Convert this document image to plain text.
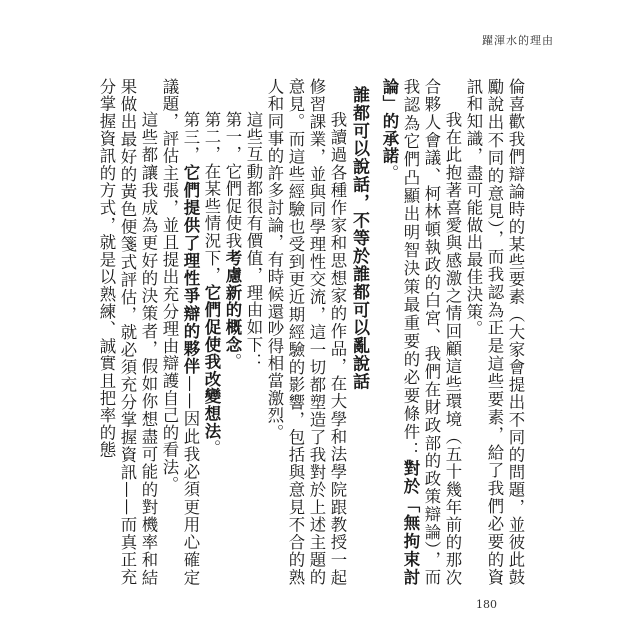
躍渾水的理由

倫喜歡我們辯論時的某些要素（大家會提出不同的問題，並彼此鼓勵說出不同的意見），而我認為正是這些要素，給了我們必要的資訊和知識，盡可能做出最佳決策。

我在此抱著喜愛與感激之情回顧這些環境（五十幾年前的那次合夥人會議、柯林頓執政的白宮、我們在財政部的政策辯論），而我認為它們凸顯出明智決策最重要的必要條件：對於「無拘束討論」的承諾。

誰都可以說話，不等於誰都可以亂說話

我讀過各種作家和思想家的作品，在大學和法學院跟教授一起修習課業，並與同學理性交流，這一切都塑造了我對於上述主題的意見。而這些經驗也受到更近期經驗的影響，包括與意見不合的熟人和同事的許多討論，有時候還吵得相當激烈。

這些互動都很有價值，理由如下：

第一，它們促使我考慮新的概念。

第二，在某些情況下，它們促使我改變想法。

第三，它們提供了理性爭辯的夥伴——因此我必須更用心確定議題，評估主張，並且提出充分理由辯護自己的看法。

這些都讓我成為更好的決策者，假如你想盡可能的對機率和結果做出最好的黃色便箋式評估，就必須充分掌握資訊——而真正充分掌握資訊的方式，就是以熟練、誠實且把率的態

180
